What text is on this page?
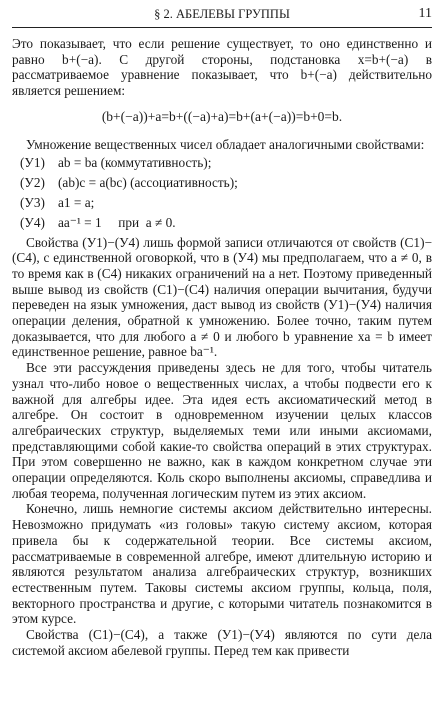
§ 2. АБЕЛЕВЫ ГРУППЫ	11

Это показывает, что если решение существует, то оно единственно и равно b+(−a). С другой стороны, подстановка x=b+(−a) в рассматриваемое уравнение показывает, что b+(−a) действительно является решением:

(b+(−a))+a=b+((−a)+a)=b+(a+(−a))=b+0=b.

Умножение вещественных чисел обладает аналогичными свойствами:

(У1) ab = ba (коммутативность);
(У2) (ab)c = a(bc) (ассоциативность);
(У3) a1 = a;
(У4) aa⁻¹ = 1     при  a ≠ 0.

Свойства (У1)−(У4) лишь формой записи отличаются от свойств (С1)−(С4), с единственной оговоркой, что в (У4) мы предполагаем, что a ≠ 0, в то время как в (С4) никаких ограничений на a нет. Поэтому приведенный выше вывод из свойств (С1)−(С4) наличия операции вычитания, будучи переведен на язык умножения, даст вывод из свойств (У1)−(У4) наличия операции деления, обратной к умножению. Более точно, таким путем доказывается, что для любого a ≠ 0 и любого b уравнение xa = b имеет единственное решение, равное ba⁻¹.

Все эти рассуждения приведены здесь не для того, чтобы читатель узнал что-либо новое о вещественных числах, а чтобы подвести его к важной для алгебры идее. Эта идея есть аксиоматический метод в алгебре. Он состоит в одновременном изучении целых классов алгебраических структур, выделяемых теми или иными аксиомами, представляющими собой какие-то свойства операций в этих структурах. При этом совершенно не важно, как в каждом конкретном случае эти операции определяются. Коль скоро выполнены аксиомы, справедлива и любая теорема, полученная логическим путем из этих аксиом.

Конечно, лишь немногие системы аксиом действительно интересны. Невозможно придумать «из головы» такую систему аксиом, которая привела бы к содержательной теории. Все системы аксиом, рассматриваемые в современной алгебре, имеют длительную историю и являются результатом анализа алгебраических структур, возникших естественным путем. Таковы системы аксиом группы, кольца, поля, векторного пространства и другие, с которыми читатель познакомится в этом курсе.

Свойства (С1)−(С4), а также (У1)−(У4) являются по сути дела системой аксиом абелевой группы. Перед тем как привести
